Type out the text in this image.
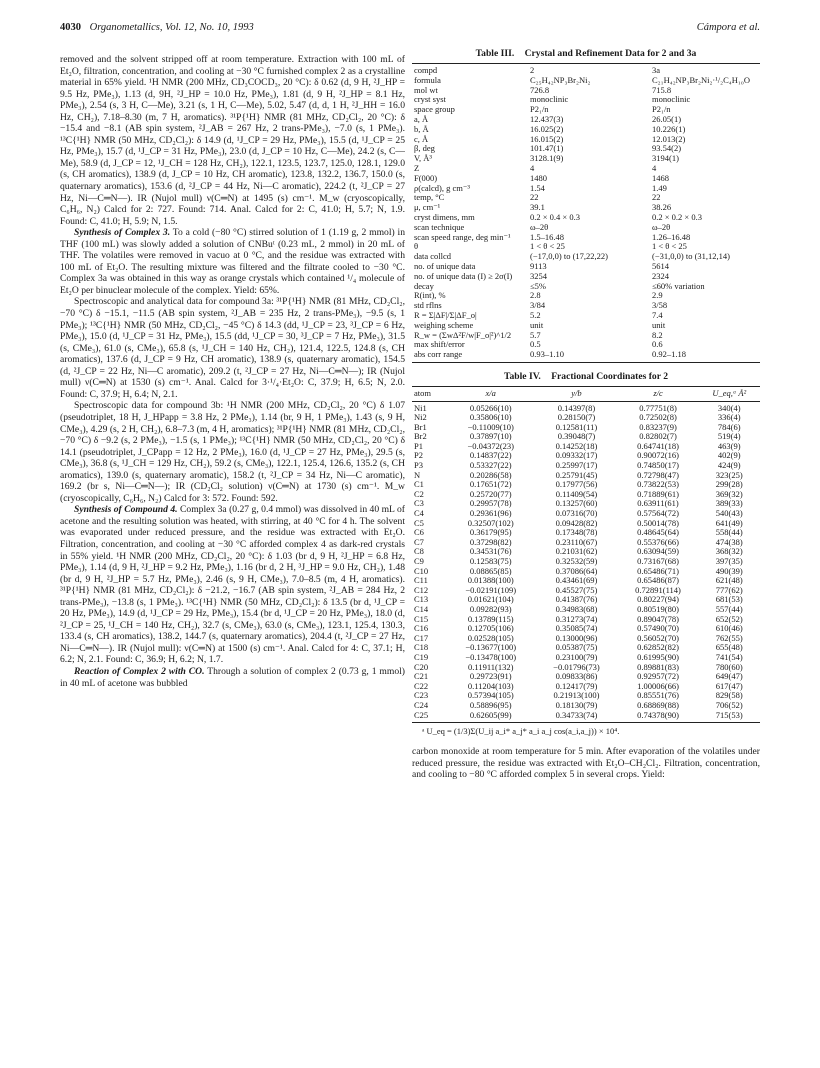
4030 Organometallics, Vol. 12, No. 10, 1993	Cámpora et al.

removed and the solvent stripped off at room temperature. Extraction with 100 mL of Et₂O, filtration, concentration, and cooling at −30 °C furnished complex 2 as a crystalline material in 65% yield. ¹H NMR (200 MHz, CD₃COCD₃, 20 °C): δ 0.62 (d, 9 H, ²J_HP = 9.5 Hz, PMe₃), 1.13 (d, 9H, ²J_HP = 10.0 Hz, PMe₃), 1.81 (d, 9 H, ²J_HP = 8.1 Hz, PMe₃), 2.54 (s, 3 H, C—Me), 3.21 (s, 1 H, C—Me), 5.02, 5.47 (d, d, 1 H, ²J_HH = 16.0 Hz, CH₂), 7.18–8.30 (m, 7 H, aromatics). ³¹P{¹H} NMR (81 MHz, CD₂Cl₂, 20 °C): δ −15.4 and −8.1 (AB spin system, ²J_AB = 267 Hz, 2 trans-PMe₃), −7.0 (s, 1 PMe₃). ¹³C{¹H} NMR (50 MHz, CD₂Cl₂): δ 14.9 (d, ¹J_CP = 29 Hz, PMe₃), 15.5 (d, ¹J_CP = 25 Hz, PMe₃), 15.7 (d, ¹J_CP = 31 Hz, PMe₃), 23.0 (d, J_CP = 10 Hz, C—Me), 24.2 (s, C—Me), 58.9 (d, J_CP = 12, ¹J_CH = 128 Hz, CH₂), 122.1, 123.5, 123.7, 125.0, 128.1, 129.0 (s, CH aromatics), 138.9 (d, J_CP = 10 Hz, CH aromatic), 123.8, 132.2, 136.7, 150.0 (s, quaternary aromatics), 153.6 (d, ²J_CP = 44 Hz, Ni—C aromatic), 224.2 (t, ²J_CP = 27 Hz, Ni—C═N—). IR (Nujol mull) ν(C═N) at 1495 (s) cm⁻¹. M_w (cryoscopically, C₆H₆, N₂) Calcd for 2: 727. Found: 714. Anal. Calcd for 2: C, 41.0; H, 5.7; N, 1.9. Found: C, 41.0; H, 5.9; N, 1.5.

Synthesis of Complex 3. To a cold (−80 °C) stirred solution of 1 (1.19 g, 2 mmol) in THF (100 mL) was slowly added a solution of CNBuᵗ (0.23 mL, 2 mmol) in 20 mL of THF. The volatiles were removed in vacuo at 0 °C, and the residue was extracted with 100 mL of Et₂O. The resulting mixture was filtered and the filtrate cooled to −30 °C. Complex 3a was obtained in this way as orange crystals which contained ¹/₄ molecule of Et₂O per binuclear molecule of the complex. Yield: 65%.

Spectroscopic and analytical data for compound 3a: ³¹P{¹H} NMR (81 MHz, CD₂Cl₂, −70 °C) δ −15.1, −11.5 (AB spin system, ²J_AB = 235 Hz, 2 trans-PMe₃), −9.5 (s, 1 PMe₃); ¹³C{¹H} NMR (50 MHz, CD₂Cl₂, −45 °C) δ 14.3 (dd, ¹J_CP = 23, ³J_CP = 6 Hz, PMe₃), 15.0 (d, ¹J_CP = 31 Hz, PMe₃), 15.5 (dd, ¹J_CP = 30, ³J_CP = 7 Hz, PMe₃), 31.5 (s, CMe₃), 61.0 (s, CMe₃), 65.8 (s, ¹J_CH = 140 Hz, CH₂), 121.4, 122.5, 124.8 (s, CH aromatics), 137.6 (d, J_CP = 9 Hz, CH aromatic), 138.9 (s, quaternary aromatic), 154.5 (d, ²J_CP = 22 Hz, Ni—C aromatic), 209.2 (t, ²J_CP = 27 Hz, Ni—C═N—); IR (Nujol mull) ν(C═N) at 1530 (s) cm⁻¹. Anal. Calcd for 3·¹/₄·Et₂O: C, 37.9; H, 6.5; N, 2.0. Found: C, 37.9; H, 6.4; N, 2.1.

Spectroscopic data for compound 3b: ¹H NMR (200 MHz, CD₂Cl₂, 20 °C) δ 1.07 (pseudotriplet, 18 H, J_HPapp = 3.8 Hz, 2 PMe₃), 1.14 (br, 9 H, 1 PMe₃), 1.43 (s, 9 H, CMe₃), 4.29 (s, 2 H, CH₂), 6.8–7.3 (m, 4 H, aromatics); ³¹P{¹H} NMR (81 MHz, CD₂Cl₂, −70 °C) δ −9.2 (s, 2 PMe₃), −1.5 (s, 1 PMe₃); ¹³C{¹H} NMR (50 MHz, CD₂Cl₂, 20 °C) δ 14.1 (pseudotriplet, J_CPapp = 12 Hz, 2 PMe₃), 16.0 (d, ¹J_CP = 27 Hz, PMe₃), 29.5 (s, CMe₃), 36.8 (s, ¹J_CH = 129 Hz, CH₂), 59.2 (s, CMe₃), 122.1, 125.4, 126.6, 135.2 (s, CH aromatics), 139.0 (s, quaternary aromatic), 158.2 (t, ²J_CP = 34 Hz, Ni—C aromatic), 169.2 (br s, Ni—C═N—); IR (CD₂Cl₂ solution) ν(C═N) at 1730 (s) cm⁻¹. M_w (cryoscopically, C₆H₆, N₂) Calcd for 3: 572. Found: 592.

Synthesis of Compound 4. Complex 3a (0.27 g, 0.4 mmol) was dissolved in 40 mL of acetone and the resulting solution was heated, with stirring, at 40 °C for 4 h. The solvent was evaporated under reduced pressure, and the residue was extracted with Et₂O. Filtration, concentration, and cooling at −30 °C afforded complex 4 as dark-red crystals in 55% yield. ¹H NMR (200 MHz, CD₂Cl₂, 20 °C): δ 1.03 (br d, 9 H, ²J_HP = 6.8 Hz, PMe₃), 1.14 (d, 9 H, ²J_HP = 9.2 Hz, PMe₃), 1.16 (br d, 2 H, ³J_HP = 9.0 Hz, CH₂), 1.48 (br d, 9 H, ²J_HP = 5.7 Hz, PMe₃), 2.46 (s, 9 H, CMe₃), 7.0–8.5 (m, 4 H, aromatics). ³¹P{¹H} NMR (81 MHz, CD₂Cl₂): δ −21.2, −16.7 (AB spin system, ²J_AB = 284 Hz, 2 trans-PMe₃), −13.8 (s, 1 PMe₃). ¹³C{¹H} NMR (50 MHz, CD₂Cl₂): δ 13.5 (br d, ¹J_CP = 20 Hz, PMe₃), 14.9 (d, ¹J_CP = 29 Hz, PMe₃), 15.4 (br d, ¹J_CP = 20 Hz, PMe₃), 18.0 (d, ²J_CP = 25, ¹J_CH = 140 Hz, CH₂), 32.7 (s, CMe₃), 63.0 (s, CMe₃), 123.1, 125.4, 130.3, 133.4 (s, CH aromatics), 138.2, 144.7 (s, quaternary aromatics), 204.4 (t, ²J_CP = 27 Hz, Ni—C═N—). IR (Nujol mull): ν(C═N) at 1500 (s) cm⁻¹. Anal. Calcd for 4: C, 37.1; H, 6.2; N, 2.1. Found: C, 36.9; H, 6.2; N, 1.7.

Reaction of Complex 2 with CO. Through a solution of complex 2 (0.73 g, 1 mmol) in 40 mL of acetone was bubbled

Table III. Crystal and Refinement Data for 2 and 3a
compd	2	3a
formula	C₂₅H₄₂NP₃Br₂Ni₂	C₂₁H₄₂NP₃Br₂Ni₂·¹/₂C₄H₁₀O
mol wt	726.8	715.8
cryst syst	monoclinic	monoclinic
space group	P2₁/n	P2₁/n
a, Å	12.437(3)	26.05(1)
b, Å	16.025(2)	10.226(1)
c, Å	16.015(2)	12.013(2)
β, deg	101.47(1)	93.54(2)
V, Å³	3128.1(9)	3194(1)
Z	4	4
F(000)	1480	1468
ρ(calcd), g cm⁻³	1.54	1.49
temp, °C	22	22
μ, cm⁻¹	39.1	38.26
cryst dimens, mm	0.2 × 0.4 × 0.3	0.2 × 0.2 × 0.3
scan technique	ω–2θ	ω–2θ
scan speed range, deg min⁻¹	1.5–16.48	1.26–16.48
θ	1 < θ < 25	1 < θ < 25
data collcd	(−17,0,0) to (17,22,22)	(−31,0,0) to (31,12,14)
no. of unique data	9113	5614
no. of unique data (I) ≥ 2σ(I)	3254	2324
decay	≤5%	≤60% variation
R(int), %	2.8	2.9
std rflns	3/84	3/58
R = Σ|ΔF|/Σ|ΔF_o|	5.2	7.4
weighing scheme	unit	unit
R_w = (ΣwΔ²F/w|F_o|²)^1/2	5.7	8.2
max shift/error	0.5	0.6
abs corr range	0.93–1.10	0.92–1.18
Table IV. Fractional Coordinates for 2
atom	x/a	y/b	z/c	U_eq,ᵃ Å²
Ni1	0.05266(10)	0.14397(8)	0.77751(8)	340(4)
Ni2	0.35806(10)	0.28150(7)	0.72502(8)	336(4)
Br1	−0.11009(10)	0.12581(11)	0.83237(9)	784(6)
Br2	0.37897(10)	0.39048(7)	0.82802(7)	519(4)
P1	−0.04372(23)	0.14252(18)	0.64741(18)	463(9)
P2	0.14837(22)	0.09332(17)	0.90072(16)	402(9)
P3	0.53327(22)	0.25997(17)	0.74850(17)	424(9)
N	0.20286(58)	0.25791(45)	0.72798(47)	323(25)
C1	0.17651(72)	0.17977(56)	0.73822(53)	299(28)
C2	0.25720(77)	0.11409(54)	0.71889(61)	369(32)
C3	0.29957(78)	0.13257(60)	0.63911(61)	389(33)
C4	0.29361(96)	0.07316(70)	0.57564(72)	540(43)
C5	0.32507(102)	0.09428(82)	0.50014(78)	641(49)
C6	0.36179(95)	0.17348(78)	0.48645(64)	558(44)
C7	0.37298(82)	0.23110(67)	0.55376(66)	474(38)
C8	0.34531(76)	0.21031(62)	0.63094(59)	368(32)
C9	0.12583(75)	0.32532(59)	0.73167(68)	397(35)
C10	0.08865(85)	0.37086(64)	0.65486(71)	490(39)
C11	0.01388(100)	0.43461(69)	0.65486(87)	621(48)
C12	−0.02191(109)	0.45527(75)	0.72891(114)	777(62)
C13	0.01621(104)	0.41387(76)	0.80227(94)	681(53)
C14	0.09282(93)	0.34983(68)	0.80519(80)	557(44)
C15	0.13789(115)	0.31273(74)	0.89047(78)	652(52)
C16	0.12705(106)	0.35085(74)	0.57490(70)	610(46)
C17	0.02528(105)	0.13000(96)	0.56052(70)	762(55)
C18	−0.13677(100)	0.05387(75)	0.62852(82)	655(48)
C19	−0.13478(100)	0.23100(79)	0.61995(90)	741(54)
C20	0.11911(132)	−0.01796(73)	0.89881(83)	780(60)
C21	0.29723(91)	0.09833(86)	0.92957(72)	649(47)
C22	0.11204(103)	0.12417(79)	1.00006(66)	617(47)
C23	0.57394(105)	0.21913(100)	0.85551(76)	829(58)
C24	0.58896(95)	0.18130(79)	0.68869(88)	706(52)
C25	0.62605(99)	0.34733(74)	0.74378(90)	715(53)
ᵃ U_eq = (1/3)Σ(U_ij a_i* a_j* a_i a_j cos(a_i,a_j)) × 10⁴.

carbon monoxide at room temperature for 5 min. After evaporation of the volatiles under reduced pressure, the residue was extracted with Et₂O–CH₂Cl₂. Filtration, concentration, and cooling to −80 °C afforded complex 5 in several crops. Yield:
